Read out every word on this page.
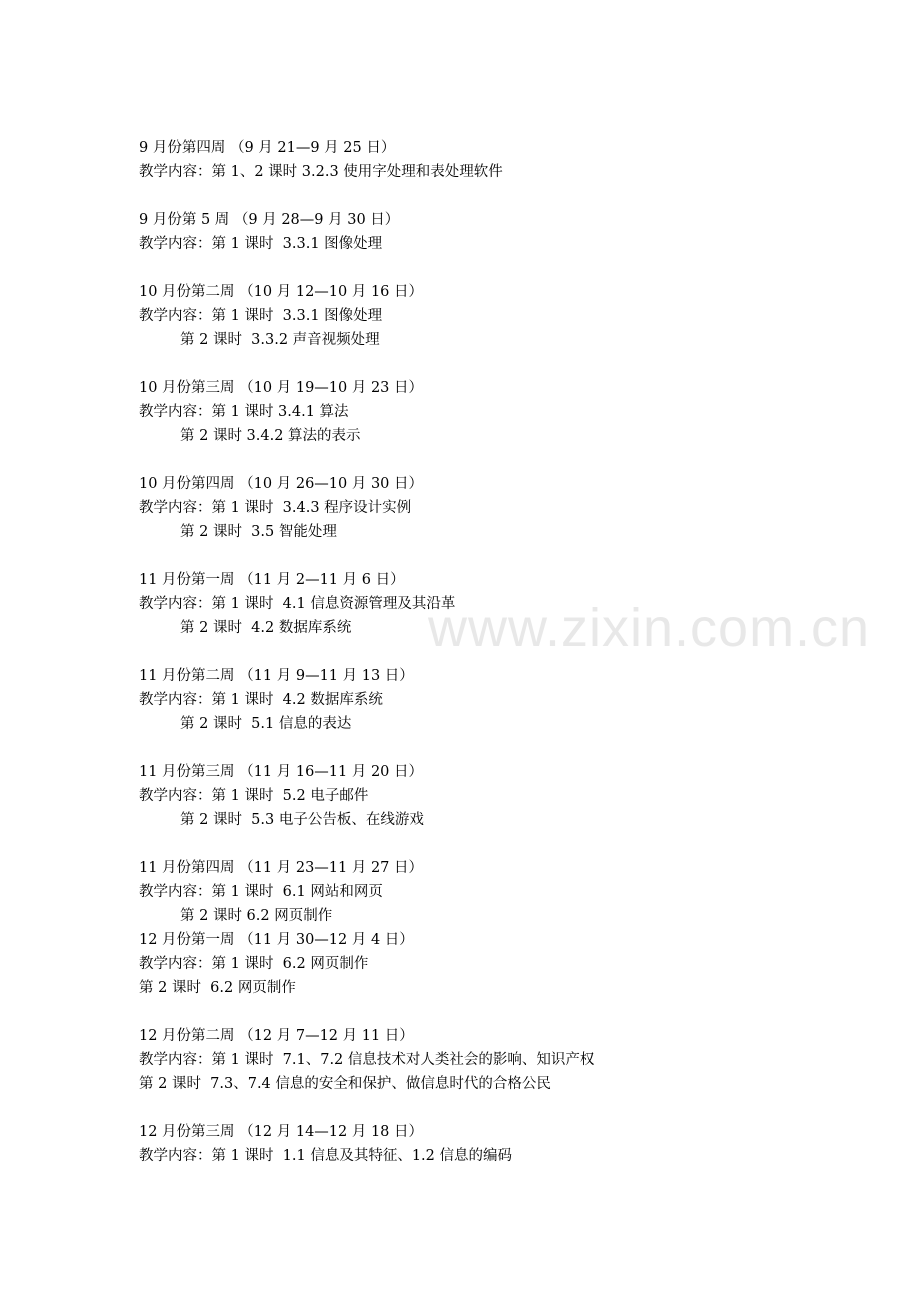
www.zixin.com.cn
9 月份第四周 （9 月 21—9 月 25 日）
教学内容：第 1、2 课时 3.2.3 使用字处理和表处理软件
9 月份第 5 周 （9 月 28—9 月 30 日）
教学内容：第 1 课时  3.3.1 图像处理
10 月份第二周 （10 月 12—10 月 16 日）
教学内容：第 1 课时  3.3.1 图像处理
第 2 课时  3.3.2 声音视频处理
10 月份第三周 （10 月 19—10 月 23 日）
教学内容：第 1 课时 3.4.1 算法
第 2 课时 3.4.2 算法的表示
10 月份第四周 （10 月 26—10 月 30 日）
教学内容：第 1 课时  3.4.3 程序设计实例
第 2 课时  3.5 智能处理
11 月份第一周 （11 月 2—11 月 6 日）
教学内容：第 1 课时  4.1 信息资源管理及其沿革
第 2 课时  4.2 数据库系统
11 月份第二周 （11 月 9—11 月 13 日）
教学内容：第 1 课时  4.2 数据库系统
第 2 课时  5.1 信息的表达
11 月份第三周 （11 月 16—11 月 20 日）
教学内容：第 1 课时  5.2 电子邮件
第 2 课时  5.3 电子公告板、在线游戏
11 月份第四周 （11 月 23—11 月 27 日）
教学内容：第 1 课时  6.1 网站和网页
第 2 课时 6.2 网页制作
12 月份第一周 （11 月 30—12 月 4 日）
教学内容：第 1 课时  6.2 网页制作
第 2 课时  6.2 网页制作
12 月份第二周 （12 月 7—12 月 11 日）
教学内容：第 1 课时  7.1、7.2 信息技术对人类社会的影响、知识产权
第 2 课时  7.3、7.4 信息的安全和保护、做信息时代的合格公民
12 月份第三周 （12 月 14—12 月 18 日）
教学内容：第 1 课时  1.1 信息及其特征、1.2 信息的编码
